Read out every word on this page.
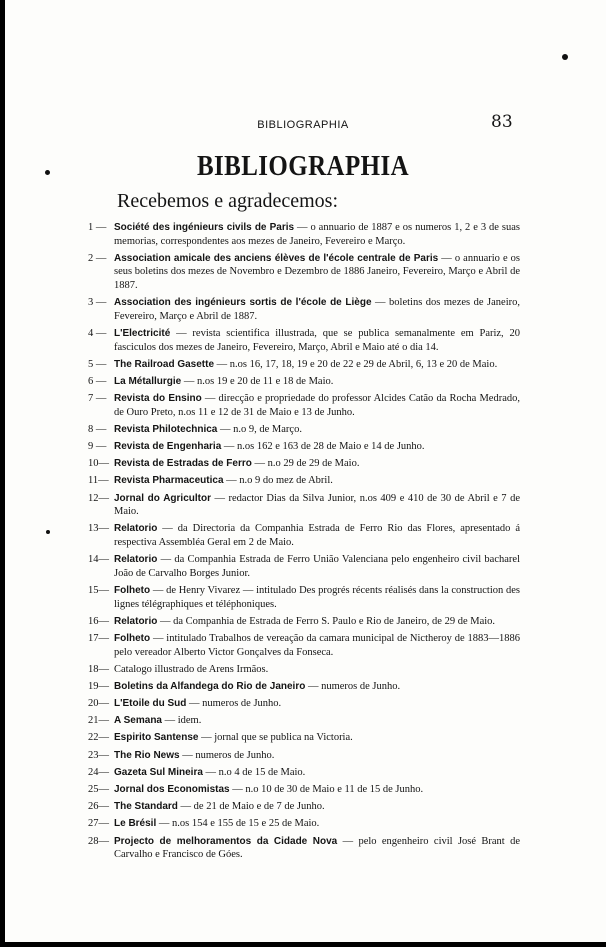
BIBLIOGRAPHIA	83
BIBLIOGRAPHIA
Recebemos e agradecemos:
1 — Société des ingénieurs civils de Paris — o annuario de 1887 e os numeros 1, 2 e 3 de suas memorias, correspondentes aos mezes de Janeiro, Fevereiro e Março.
2 — Association amicale des anciens élèves de l'école centrale de Paris — o annuario e os seus boletins dos mezes de Novembro e Dezembro de 1886 Janeiro, Fevereiro, Março e Abril de 1887.
3 — Association des ingénieurs sortis de l'école de Liège — boletins dos mezes de Janeiro, Fevereiro, Março e Abril de 1887.
4 — L'Electricité — revista scientifica illustrada, que se publica semanalmente em Pariz, 20 fasciculos dos mezes de Janeiro, Fevereiro, Março, Abril e Maio até o dia 14.
5 — The Railroad Gasette — n.os 16, 17, 18, 19 e 20 de 22 e 29 de Abril, 6, 13 e 20 de Maio.
6 — La Métallurgie — n.os 19 e 20 de 11 e 18 de Maio.
7 — Revista do Ensino — direcção e propriedade do professor Alcides Catão da Rocha Medrado, de Ouro Preto, n.os 11 e 12 de 31 de Maio e 13 de Junho.
8 — Revista Philotechnica — n.o 9, de Março.
9 — Revista de Engenharia — n.os 162 e 163 de 28 de Maio e 14 de Junho.
10— Revista de Estradas de Ferro — n.o 29 de 29 de Maio.
11— Revista Pharmaceutica — n.o 9 do mez de Abril.
12— Jornal do Agricultor — redactor Dias da Silva Junior, n.os 409 e 410 de 30 de Abril e 7 de Maio.
13— Relatorio — da Directoria da Companhia Estrada de Ferro Rio das Flores, apresentado á respectiva Assembléa Geral em 2 de Maio.
14— Relatorio — da Companhia Estrada de Ferro União Valenciana pelo engenheiro civil bacharel João de Carvalho Borges Junior.
15— Folheto — de Henry Vivarez — intitulado Des progrés récents réalisés dans la construction des lignes télégraphiques et téléphoniques.
16— Relatorio — da Companhia de Estrada de Ferro S. Paulo e Rio de Janeiro, de 29 de Maio.
17— Folheto — intitulado Trabalhos de vereação da camara municipal de Nictheroy de 1883—1886 pelo vereador Alberto Victor Gonçalves da Fonseca.
18— Catalogo illustrado de Arens Irmãos.
19— Boletins da Alfandega do Rio de Janeiro — numeros de Junho.
20— L'Etoile du Sud — numeros de Junho.
21— A Semana — idem.
22— Espirito Santense — jornal que se publica na Victoria.
23— The Rio News — numeros de Junho.
24— Gazeta Sul Mineira — n.o 4 de 15 de Maio.
25— Jornal dos Economistas — n.o 10 de 30 de Maio e 11 de 15 de Junho.
26— The Standard — de 21 de Maio e de 7 de Junho.
27— Le Brésil — n.os 154 e 155 de 15 e 25 de Maio.
28— Projecto de melhoramentos da Cidade Nova — pelo engenheiro civil José Brant de Carvalho e Francisco de Góes.
